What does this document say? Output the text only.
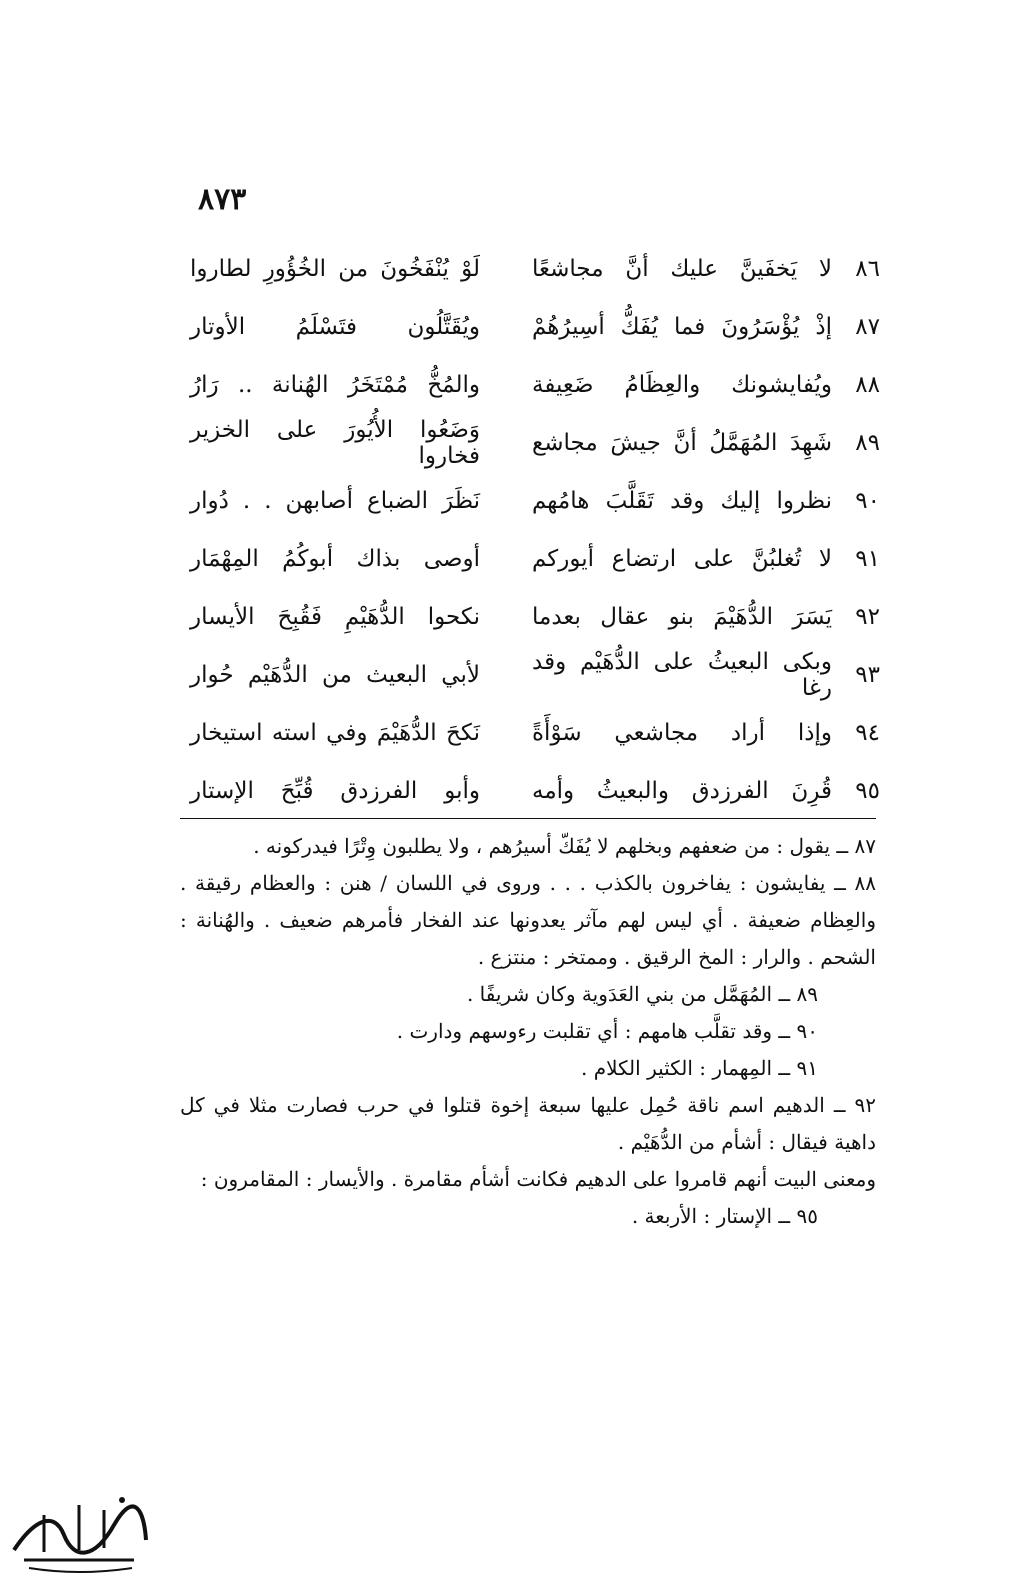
٨٧٣
٨٦
لا يَخفَينَّ عليك أنَّ مجاشعًا
لَوْ يُنْفَخُونَ من الخُؤُورِ لطاروا
٨٧
إذْ يُؤْسَرُونَ فما يُفَكُّ أسِيرُهُمْ
ويُقَتَّلُون فتَسْلَمُ الأوتار
٨٨
ويُفايشونك والعِظَامُ ضَعِيفة
والمُخُّ مُمْتَخَرُ الهُنانة .. رَارُ
٨٩
شَهِدَ المُهَمَّلُ أنَّ جيشَ مجاشع
وَضَعُوا الأُيُورَ على الخزير فخاروا
٩٠
نظروا إليك وقد تَقَلَّبَ هامُهم
نَظَرَ الضباع أصابهن . . دُوار
٩١
لا تُغلبُنَّ على ارتضاع أيوركم
أوصى بذاك أبوكُمُ المِهْمَار
٩٢
يَسَرَ الدُّهَيْمَ بنو عقال بعدما
نكحوا الدُّهَيْمِ فَقُبِحَ الأيسار
٩٣
وبكى البعيثُ على الدُّهَيْم وقد رغا
لأبي البعيث من الدُّهَيْم حُوار
٩٤
وإذا أراد مجاشعي سَوْأَةً
نَكحَ الدُّهَيْمَ وفي استه استيخار
٩٥
قُرِنَ الفرزدق والبعيثُ وأمه
وأبو الفرزدق قُبِّحَ الإستار

٨٧ ــ يقول : من ضعفهم وبخلهم لا يُفَكّ أسيرُهم ، ولا يطلبون وِتْرًا فيدركونه .

٨٨ ــ يفايشون : يفاخرون بالكذب . . . وروى في اللسان / هنن : والعظام رقيقة . والعِظام ضعيفة . أي ليس لهم مآثر يعدونها عند الفخار فأمرهم ضعيف . والهُنانة : الشحم . والرار : المخ الرقيق . وممتخر : منتزع .

٨٩ ــ المُهَمَّل من بني العَدَوية وكان شريفًا .

٩٠ ــ وقد تقلَّب هامهم : أي تقلبت رءوسهم ودارت .

٩١ ــ المِهمار : الكثير الكلام .

٩٢ ــ الدهيم اسم ناقة حُمِل عليها سبعة إخوة قتلوا في حرب فصارت مثلا في كل داهية فيقال : أشأم من الدُّهَيْم .

ومعنى البيت أنهم قامروا على الدهيم فكانت أشأم مقامرة . والأيسار : المقامرون :

٩٥ ــ الإستار : الأربعة .
